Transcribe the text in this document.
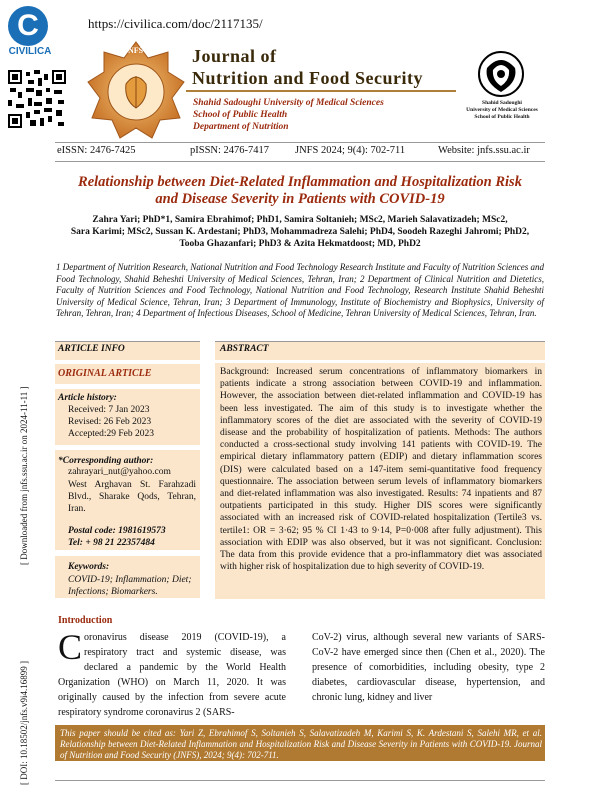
C
CIVILICA
https://civilica.com/doc/2117135/
JNFS	Journal of
Nutrition and Food Security
Shahid Sadoughi University of Medical Sciences
School of Public Health
Department of Nutrition
Shahid Sadoughi
University of Medical Sciences
School of Public Health
eISSN: 2476-7425	pISSN: 2476-7417 JNFS 2024; 9(4): 702-711	Website: jnfs.ssu.ac.ir
Relationship between Diet-Related Inflammation and Hospitalization Risk
and Disease Severity in Patients with COVID-19
Zahra Yari; PhD*1, Samira Ebrahimof; PhD1, Samira Soltanieh; MSc2, Marieh Salavatizadeh; MSc2,
Sara Karimi; MSc2, Sussan K. Ardestani; PhD3, Mohammadreza Salehi; PhD4, Soodeh Razeghi Jahromi; PhD2,
Tooba Ghazanfari; PhD3 & Azita Hekmatdoost; MD, PhD2
1 Department of Nutrition Research, National Nutrition and Food Technology Research Institute and Faculty of Nutrition Sciences and Food Technology, Shahid Beheshti University of Medical Sciences, Tehran, Iran; 2 Department of Clinical Nutrition and Dietetics, Faculty of Nutrition Sciences and Food Technology, National Nutrition and Food Technology, Research Institute Shahid Beheshti University of Medical Science, Tehran, Iran; 3 Department of Immunology, Institute of Biochemistry and Biophysics, University of Tehran, Tehran, Iran; 4 Department of Infectious Diseases, School of Medicine, Tehran University of Medical Sciences, Tehran, Iran.
ARTICLE INFO
ORIGINAL ARTICLE
Article history:
Received: 7 Jan 2023
Revised: 26 Feb 2023
Accepted:29 Feb 2023
*Corresponding author:
zahrayari_nut@yahoo.com
West Arghavan St. Farahzadi Blvd., Sharake Qods, Tehran, Iran.
Postal code: 1981619573
Tel: + 98 21 22357484
Keywords:
COVID-19; Inflammation; Diet; Infections; Biomarkers.
ABSTRACT
Background: Increased serum concentrations of inflammatory biomarkers in patients indicate a strong association between COVID-19 and inflammation. However, the association between diet-related inflammation and COVID-19 has been less investigated. The aim of this study is to investigate whether the inflammatory scores of the diet are associated with the severity of COVID-19 disease and the probability of hospitalization of patients. Methods: The authors conducted a cross-sectional study involving 141 patients with COVID-19. The empirical dietary inflammatory pattern (EDIP) and dietary inflammation scores (DIS) were calculated based on a 147-item semi-quantitative food frequency questionnaire. The association between serum levels of inflammatory biomarkers and diet-related inflammation was also investigated. Results: 74 inpatients and 87 outpatients participated in this study. Higher DIS scores were significantly associated with an increased risk of COVID-related hospitalization (Tertile3 vs. tertile1: OR = 3·62; 95 % CI 1·43 to 9·14, P=0·008 after fully adjustment). This association with EDIP was also observed, but it was not significant. Conclusion: The data from this provide evidence that a pro-inflammatory diet was associated with higher risk of hospitalization due to high severity of COVID-19.
Introduction
Coronavirus disease 2019 (COVID-19), a respiratory tract and systemic disease, was declared a pandemic by the World Health Organization (WHO) on March 11, 2020. It was originally caused by the infection from severe acute respiratory syndrome coronavirus 2 (SARS-
CoV-2) virus, although several new variants of SARS-CoV-2 have emerged since then (Chen et al., 2020). The presence of comorbidities, including obesity, type 2 diabetes, cardiovascular disease, hypertension, and chronic lung, kidney and liver
This paper should be cited as: Yari Z, Ebrahimof S, Soltanieh S, Salavatizadeh M, Karimi S, K. Ardestani S, Salehi MR, et al. Relationship between Diet-Related Inflammation and Hospitalization Risk and Disease Severity in Patients with COVID-19. Journal of Nutrition and Food Security (JNFS), 2024; 9(4): 702-711.
[ Downloaded from jnfs.ssu.ac.ir on 2024-11-11 ]
[ DOI: 10.18502/jnfs.v9i4.16899 ]
